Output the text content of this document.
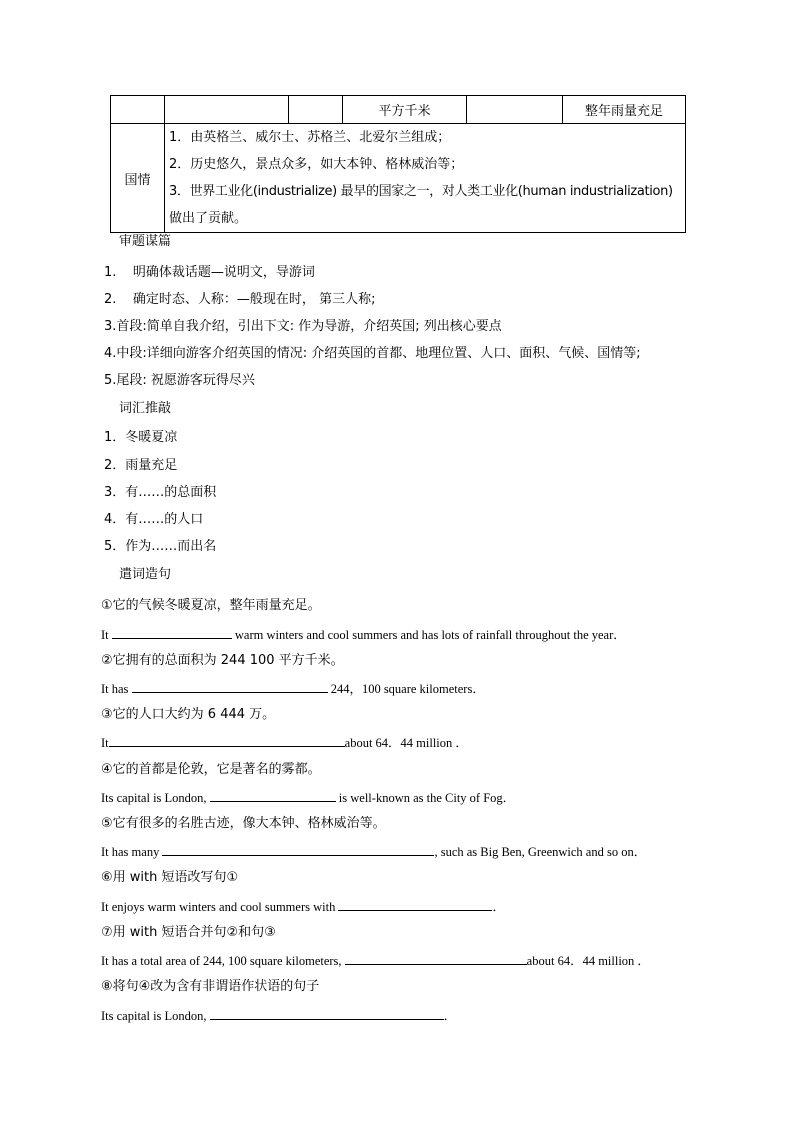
			平方千米		整年雨量充足
国情	1．由英格兰、威尔士、苏格兰、北爱尔兰组成；
2．历史悠久，景点众多，如大本钟、格林威治等；
3．世界工业化(industrialize) 最早的国家之一，对人类工业化(human industrialization)
做出了贡献。				
审题谋篇
1.    明确体裁话题—说明文，导游词
2.    确定时态、人称：—般现在时， 第三人称;
3.首段:简单自我介绍，引出下文: 作为导游，介绍英国; 列出核心要点
4.中段:详细向游客介绍英国的情况: 介绍英国的首都、地理位置、人口、面积、气候、国情等;
5.尾段: 祝愿游客玩得尽兴
词汇推敲
1．冬暖夏凉
2．雨量充足
3．有……的总面积
4．有……的人口
5．作为……而出名
遣词造句
①它的气候冬暖夏凉，整年雨量充足。
It	warm winters and cool summers and has lots of rainfall throughout the year．
②它拥有的总面积为 244 100 平方千米。
It has	244，100 square kilometers．
③它的人口大约为 6 444 万。
It	about 64．44 million ．
④它的首都是伦敦，它是著名的雾都。
Its capital is London,	is well-known as the City of Fog．
⑤它有很多的名胜古迹，像大本钟、格林威治等。
It has many	, such as Big Ben, Greenwich and so on．
⑥用 with 短语改写句①
It enjoys warm winters and cool summers with	．
⑦用 with 短语合并句②和句③
It has a total area of 244, 100 square kilometers,	about 64．44 million ．
⑧将句④改为含有非谓语作状语的句子
Its capital is London,	．
